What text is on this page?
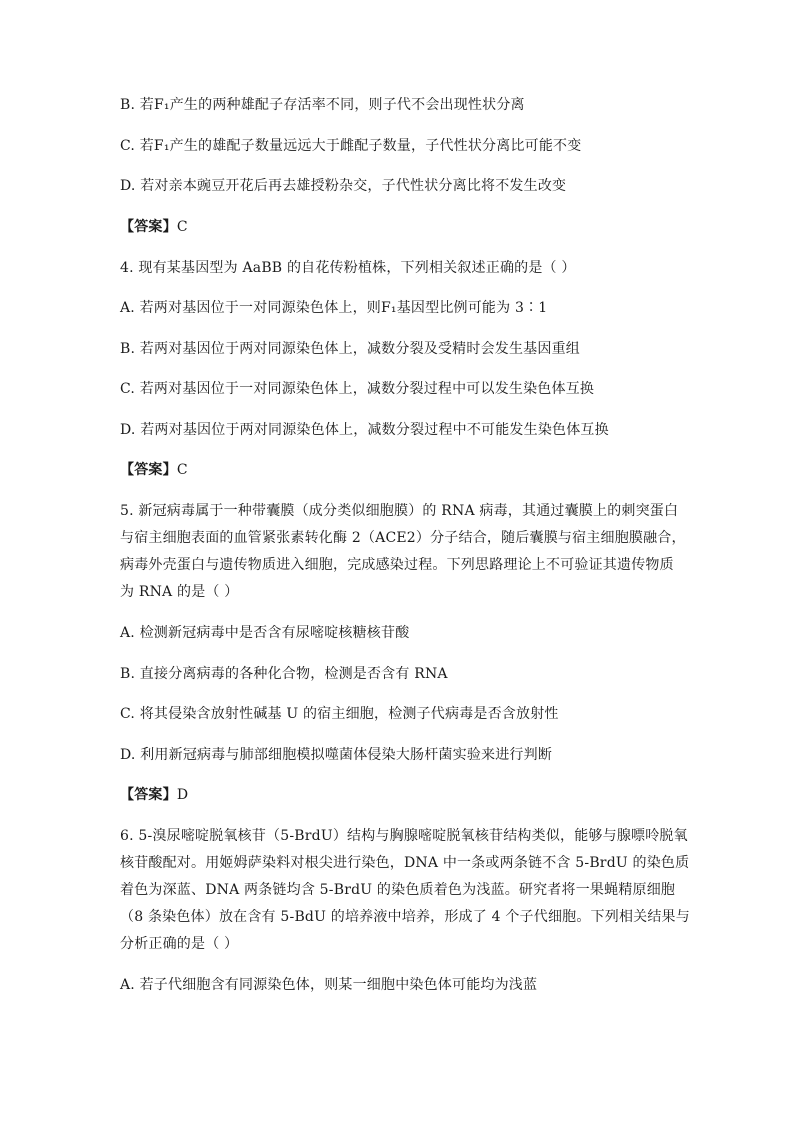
B. 若F₁产生的两种雄配子存活率不同，则子代不会出现性状分离
C. 若F₁产生的雄配子数量远远大于雌配子数量，子代性状分离比可能不变
D. 若对亲本豌豆开花后再去雄授粉杂交，子代性状分离比将不发生改变
【答案】C
4. 现有某基因型为 AaBB 的自花传粉植株，下列相关叙述正确的是（ ）
A. 若两对基因位于一对同源染色体上，则F₁基因型比例可能为 3∶1
B. 若两对基因位于两对同源染色体上，减数分裂及受精时会发生基因重组
C. 若两对基因位于一对同源染色体上，减数分裂过程中可以发生染色体互换
D. 若两对基因位于两对同源染色体上，减数分裂过程中不可能发生染色体互换
【答案】C
5. 新冠病毒属于一种带囊膜（成分类似细胞膜）的 RNA 病毒，其通过囊膜上的刺突蛋白
与宿主细胞表面的血管紧张素转化酶 2（ACE2）分子结合，随后囊膜与宿主细胞膜融合，
病毒外壳蛋白与遗传物质进入细胞，完成感染过程。下列思路理论上不可验证其遗传物质
为 RNA 的是（ ）
A. 检测新冠病毒中是否含有尿嘧啶核糖核苷酸
B. 直接分离病毒的各种化合物，检测是否含有 RNA
C. 将其侵染含放射性碱基 U 的宿主细胞，检测子代病毒是否含放射性
D. 利用新冠病毒与肺部细胞模拟噬菌体侵染大肠杆菌实验来进行判断
【答案】D
6. 5-溴尿嘧啶脱氧核苷（5-BrdU）结构与胸腺嘧啶脱氧核苷结构类似，能够与腺嘌呤脱氧
核苷酸配对。用姬姆萨染料对根尖进行染色，DNA 中一条或两条链不含 5-BrdU 的染色质
着色为深蓝、DNA 两条链均含 5-BrdU 的染色质着色为浅蓝。研究者将一果蝇精原细胞
（8 条染色体）放在含有 5-BdU 的培养液中培养，形成了 4 个子代细胞。下列相关结果与
分析正确的是（ ）
A. 若子代细胞含有同源染色体，则某一细胞中染色体可能均为浅蓝
